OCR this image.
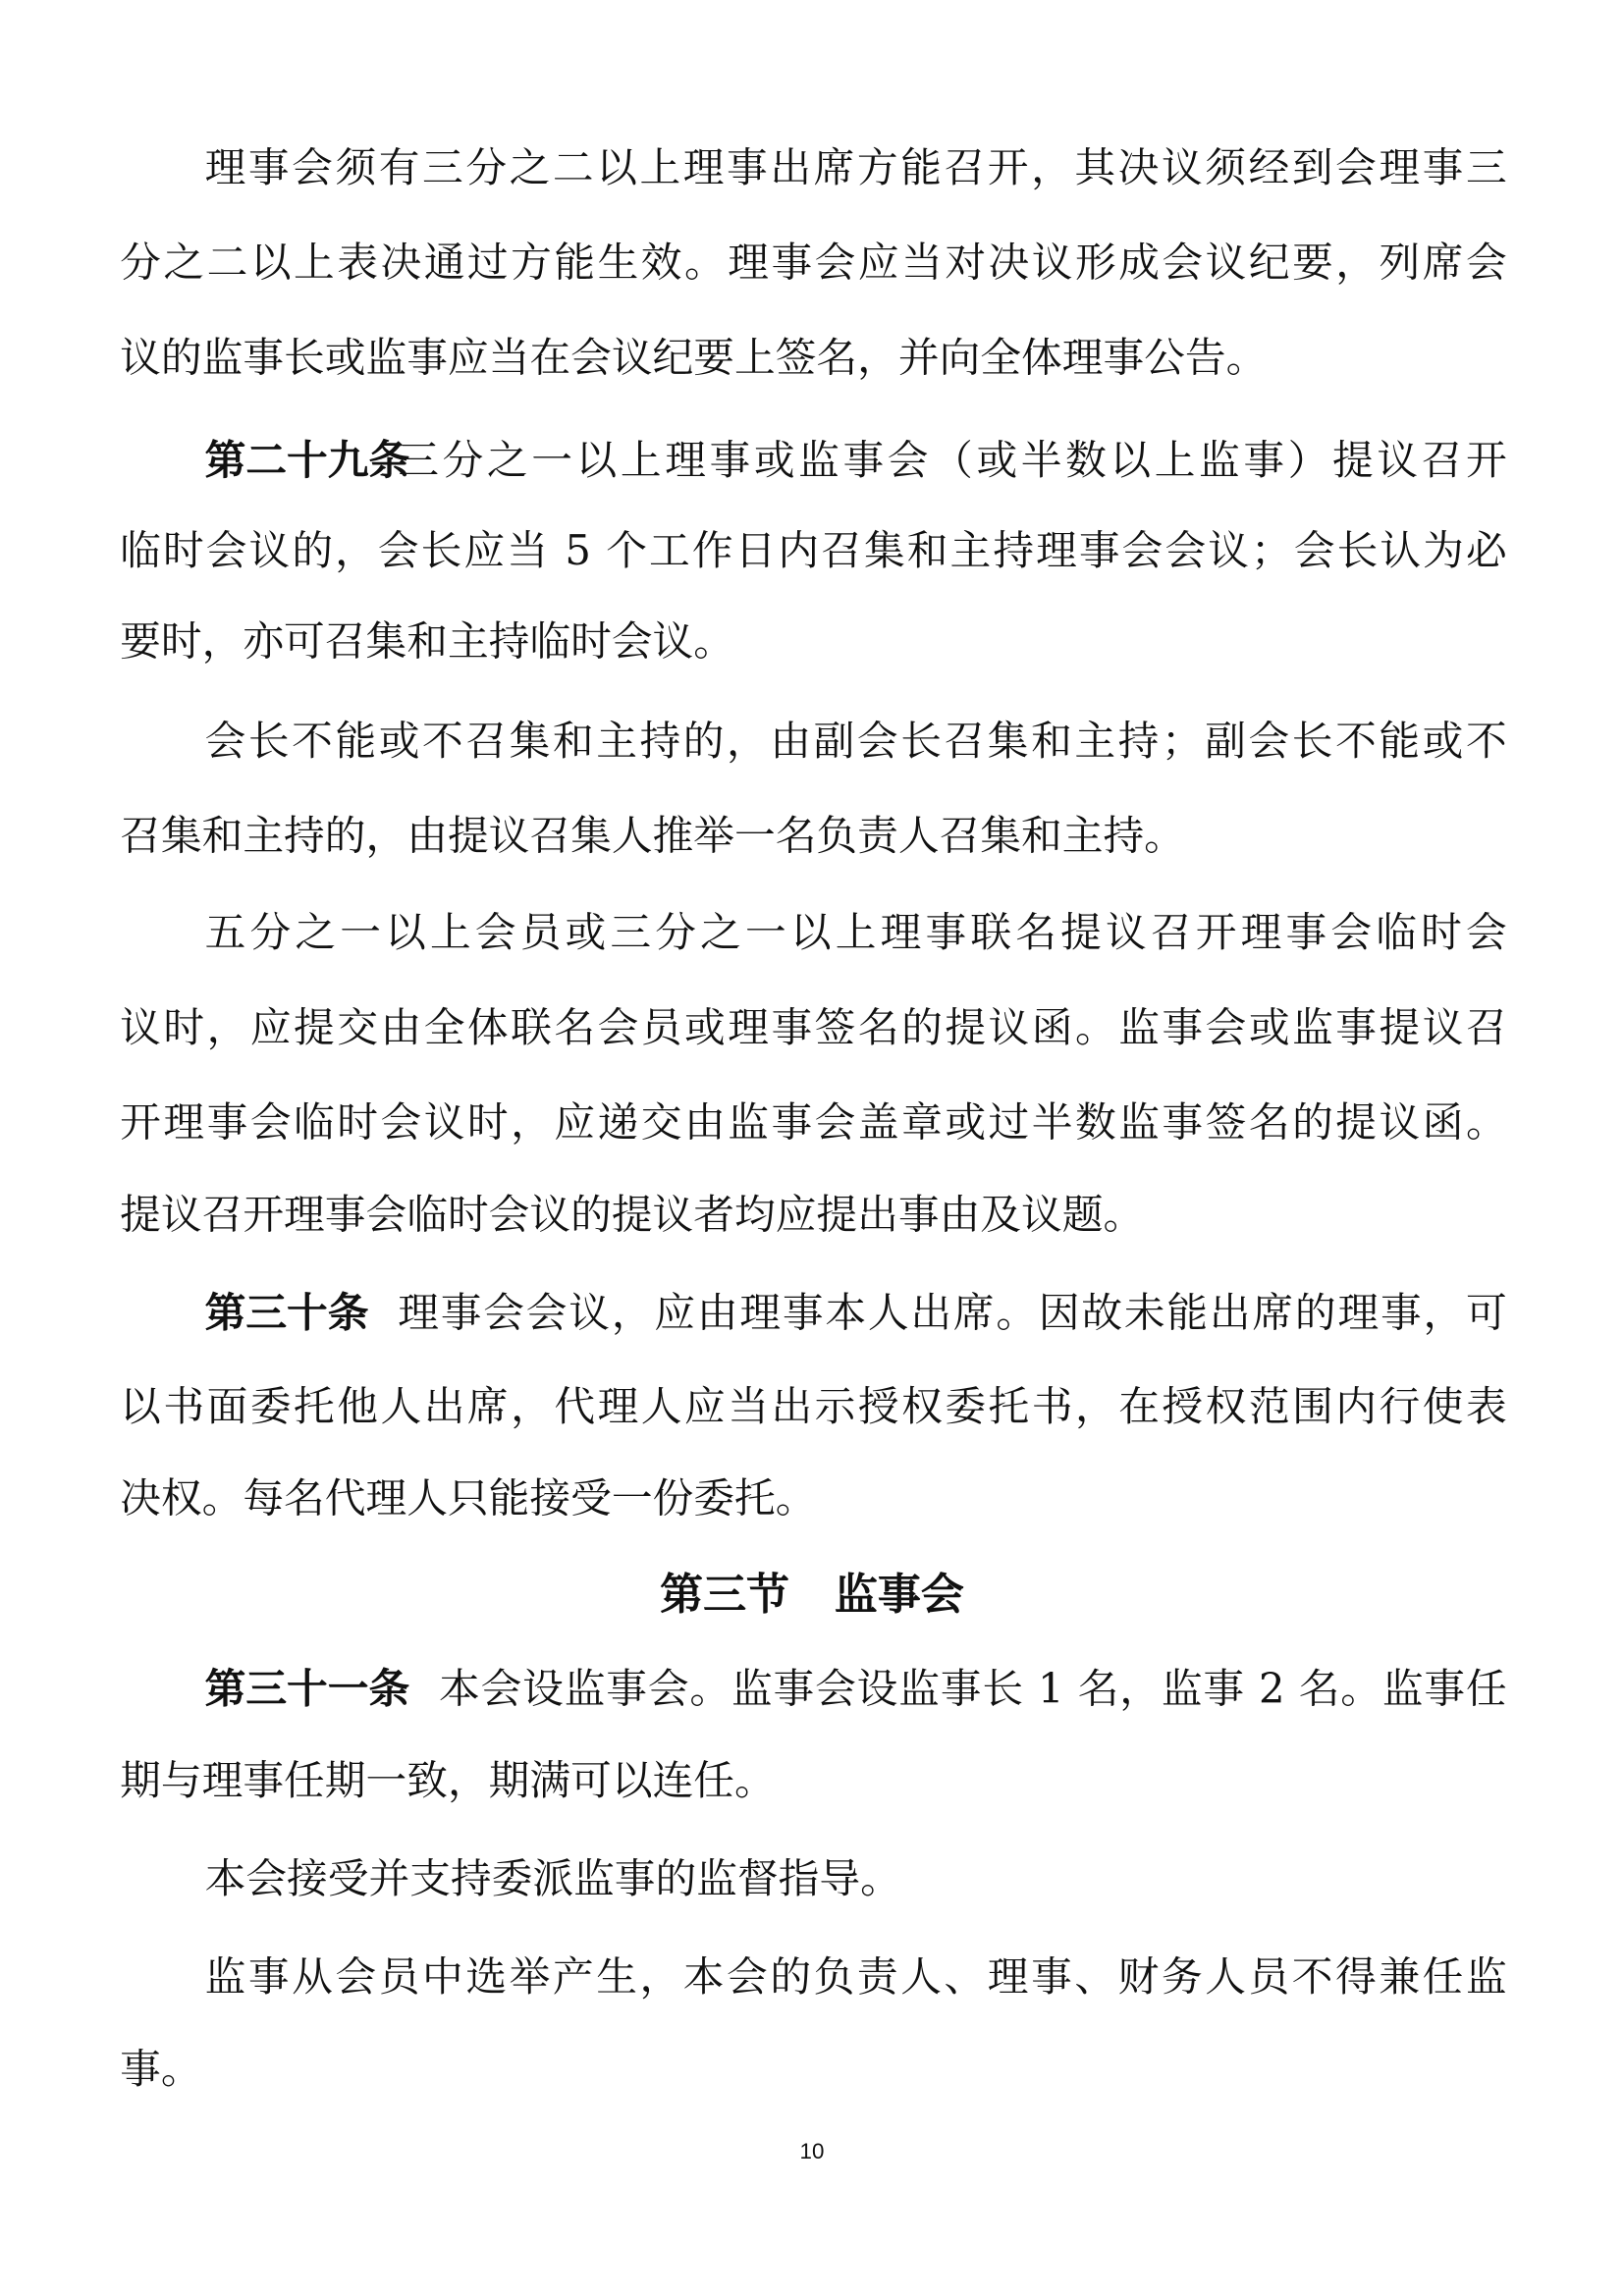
理事会须有三分之二以上理事出席方能召开，其决议须经到会理事三
分之二以上表决通过方能生效。理事会应当对决议形成会议纪要，列席会
议的监事长或监事应当在会议纪要上签名，并向全体理事公告。
第二十九条
三分之一以上理事或监事会（或半数以上监事）提议召开
临时会议的，会长应当 5 个工作日内召集和主持理事会会议；会长认为必
要时，亦可召集和主持临时会议。
会长不能或不召集和主持的，由副会长召集和主持；副会长不能或不
召集和主持的，由提议召集人推举一名负责人召集和主持。
五分之一以上会员或三分之一以上理事联名提议召开理事会临时会
议时，应提交由全体联名会员或理事签名的提议函。监事会或监事提议召
开理事会临时会议时，应递交由监事会盖章或过半数监事签名的提议函。
提议召开理事会临时会议的提议者均应提出事由及议题。
第三十条 理事会会议，应由理事本人出席。因故未能出席的理事，可
以书面委托他人出席，代理人应当出示授权委托书，在授权范围内行使表
决权。每名代理人只能接受一份委托。
第三节   监事会
第三十一条 本会设监事会。监事会设监事长 1 名，监事 2 名。监事任
期与理事任期一致，期满可以连任。
本会接受并支持委派监事的监督指导。
监事从会员中选举产生，本会的负责人、理事、财务人员不得兼任监
事。
10
